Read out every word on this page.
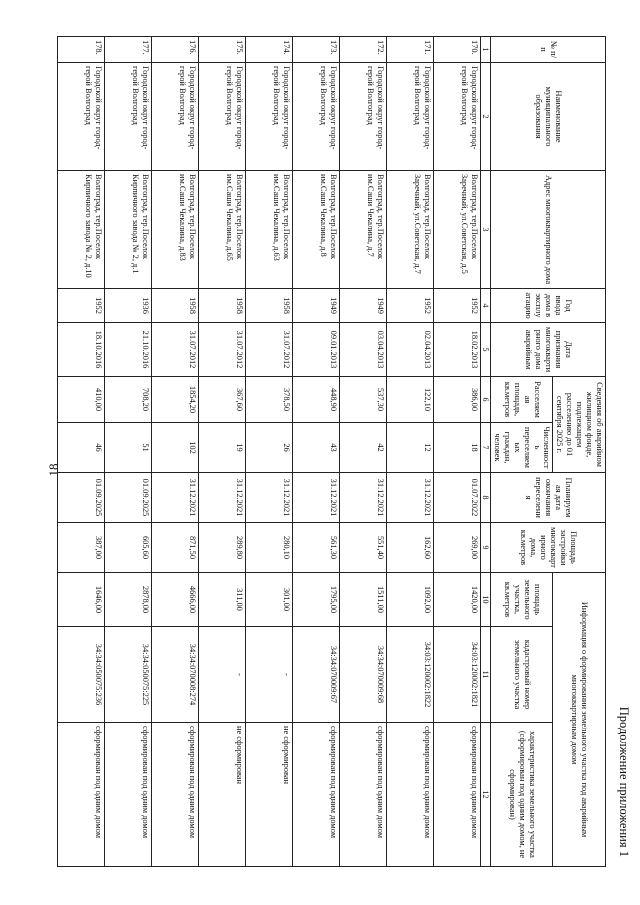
18
Продолжение приложения 1
№ п/п	Наименование муниципального образования	Адрес многоквартирного дома	Год ввода дома в эксплуатацию	Дата признания многоквартирного дома аварийным	Сведения об аварийном жилищном фонде, подлежащем расселению до 01 сентября 2025 г.		Планируемая дата окончания переселения	Площадь застройки многоквартирного дома, кв.метров	Информация о формировании земельного участка под аварийным многоквартирным домом		
					Расселяемая площадь, кв.метров	Численность переселяемых граждан, человек			площадь земельного участка, кв.метров	кадастровый номер земельного участка	характеристика земельного участка (сформирован под одним домом, не сформирован)
1	2	3	4	5	6	7	8	9	10	11	12
170.	Городской округ город-герой Волгоград	Волгоград, тер.Поселок Заречный, ул.Советская, д.5	1952	18.02.2013	386,00	18	01.07.2022	269,00	1420,00	34:03:120002:1821	сформирован под одним домом
171.	Городской округ город-герой Волгоград	Волгоград, тер.Поселок Заречный, ул.Советская, д.7	1952	02.04.2013	122,10	12	31.12.2021	162,60	1092,00	34:03:120002:1822	сформирован под одним домом
172.	Городской округ город-герой Волгоград	Волгоград, тер.Поселок им.Саши Чекалина, д.7	1949	03.04.2013	537,30	42	31.12.2021	551,40	1511,00	34:34:070009:68	сформирован под одним домом
173.	Городской округ город-герой Волгоград	Волгоград, тер.Поселок им.Саши Чекалина, д.8	1949	09.01.2013	448,90	43	31.12.2021	561,30	1795,00	34:34:070009:67	сформирован под одним домом
174.	Городской округ город-герой Волгоград	Волгоград, тер.Поселок им.Саши Чекалина, д.63	1958	31.07.2012	378,50	26	31.12.2021	280,10	301,00	-	не сформирован
175.	Городской округ город-герой Волгоград	Волгоград, тер.Поселок им.Саши Чекалина, д.65	1958	31.07.2012	367,60	19	31.12.2021	289,80	311,00	-	не сформирован
176.	Городской округ город-герой Волгоград	Волгоград, тер.Поселок им.Саши Чекалина, д.83	1958	31.07.2012	1854,20	102	31.12.2021	871,50	4666,00	34:34:070008:274	сформирован под одним домом
177.	Городской округ город-герой Волгоград	Волгоград, тер.Поселок Кирпичного завода № 2, д.1	1936	21.10.2016	708,20	51	01.09.2025	605,60	2878,00	34:34:050075:225	сформирован под одним домом
178.	Городской округ город-герой Волгоград	Волгоград, тер.Поселок Кирпичного завода № 2, д.10	1952	18.10.2016	410,00	46	01.09.2025	387,00	1646,00	34:34:050075:236	сформирован под одним домом
